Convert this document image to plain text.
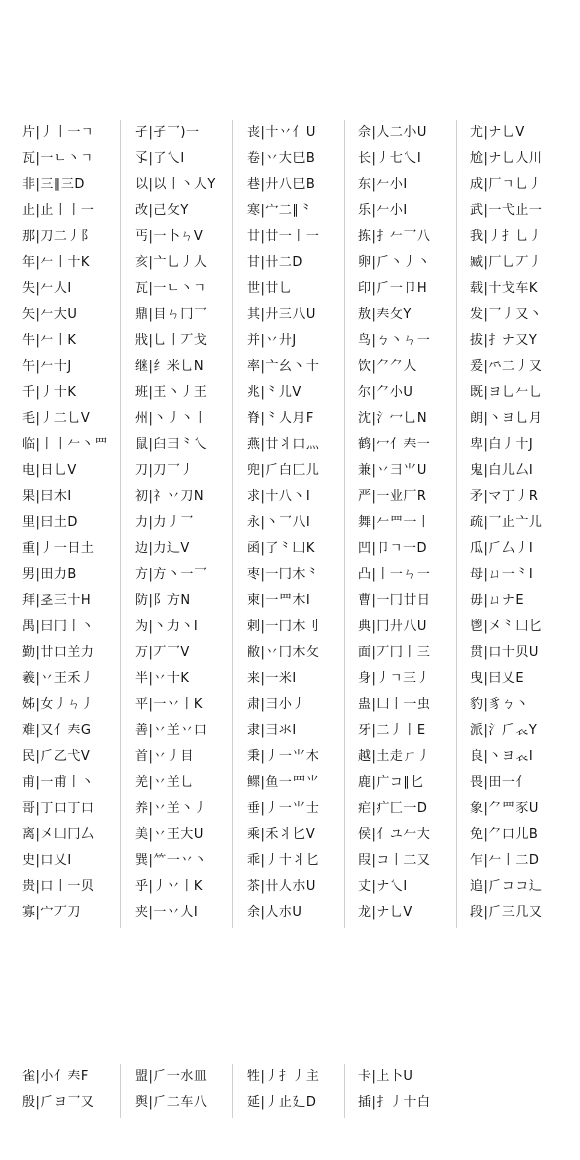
片|丿丨一ㄱ
瓦|一ㄴ丶ㄱ
非|三∥三D
止|止丨丨一
那|刀二丿阝
年|𠂉丨十K
失|𠂉人I
矢|𠂉大U
牛|𠂉丨K
午|𠂉十J
千|丿十K
毛|丿二乚V
临|丨丨𠂉丶罒
电|日乚V
果|曰木I
里|曰土D
重|丿一日土
男|田力B
拜|𢀖三十H
禺|曰冂丨丶
勤|廿口𦍌力
羲|丷王禾丿
姊|女丿ㄣ丿
难|又亻𡗗G
民|𠂆乙弋V
甫|一甫丨丶
哥|丁口丁口
离|㐅凵冂厶
史|口乂I
贵|口丨一贝
寡|宀丆刀
孑|孑乛)一
孓|了乀I
以|以丨丶人Y
改|己攵Y
丐|一卜ㄣV
亥|亠乚丿人
瓦|一ㄴ丶ㄱ
鼎|目ㄣ冂乛
戕|乚丨丆戈
继|纟米乚N
班|王丶丿王
州|丶丿丶丨
鼠|臼⺕⺀乀
刀|刀乛丿
初|礻丷刀N
力|力丿乛
边|力辶V
方|方丶一乛
防|阝方N
为|丶力丶I
万|丆乛V
半|丷十K
平|一丷丨K
善|丷𦍌丷口
首|丷丿目
羌|丷𦍌乚
养|丷𦍌丶丿
美|丷王大U
巽|⺮一丷丶
乎|丿丷丨K
夹|一丷人I
丧|十丷⺅U
卷|丷大巳B
巷|廾八巳B
寒|宀二∥⺀
廿|廿一丨一
甘|卄二D
世|廿乚
其|廾三八U
并|丷廾J
率|亠幺丶十
兆|⺀儿V
脊|⺀人月F
燕|廿丬口灬
兜|𠂆白匚儿
求|十八丶I
永|丶乛八I
函|了⺀凵K
枣|一冂木⺀
柬|一罒木I
剌|一冂木刂
敝|丷冂木攵
来|一米I
肃|⺕小丿
隶|⺕氺I
秉|丿一⺌木
鳏|鱼一罒⺌
垂|丿一⺌士
乘|禾丬匕V
乖|丿十丬匕
茶|卄人朩U
余|人朩U
佘|人二小U
长|丿七乀I
东|𠂉小I
乐|𠂉小I
拣|扌𠂉乛八
卵|𠂆丶丿丶
印|𠂆一卩H
敖|𡗗攵Y
鸟|ㄅ丶ㄣ一
饮|⺈⺈人
尔|⺈小U
沈|氵冖乚N
鹤|冖亻𡗗一
兼|丷⺕⺌U
严|一业厂R
舞|𠂉罒一丨
凹|卩ㄱ一D
凸|丨一ㄣ一
曹|一冂廿日
典|冂廾八U
面|丆冂丨三
身|丿ㄱ三丿
蛊|凵丨一虫
牙|二丿丨E
越|土走ㄏ丿
鹿|广コ∥匕
疟|疒匚一D
侯|亻ユ𠂉大
叚|コ丨二又
丈|ナ乀I
龙|ナ乚V
尤|ナ乚V
尬|ナ乚人川
成|厂ㄱ乚丿
武|一弋止一
我|丿扌乚丿
臧|厂乚丆丿
载|十戈车K
发|乛丿又丶
拔|扌ナ又Y
爰|⺤二丿又
既|ヨ乚𠂉乚
朗|丶ヨ乚月
卑|白丿十J
鬼|白儿厶I
矛|マ丁丿R
疏|乛止亠儿
瓜|𠂆厶丿I
母|ㄩ一⺀I
毋|ㄩナE
鬯|㐅⺀凵匕
贯|口十贝U
曳|曰乂E
豹|豸ㄅ丶
派|氵𠂆𧘇Y
良|丶ヨ𧘇I
畏|田一⺅
象|⺈罒豕U
免|⺈口儿B
乍|𠂉丨二D
追|𠂆ココ辶
段|𠂆三几又
雀|小亻𡗗F
殷|𠂆ヨ乛又
盟|𠂆一水皿
舆|𠂆二车八
牲|丿扌丿主
延|丿止廴D
卡|上卜U
插|扌丿十白
